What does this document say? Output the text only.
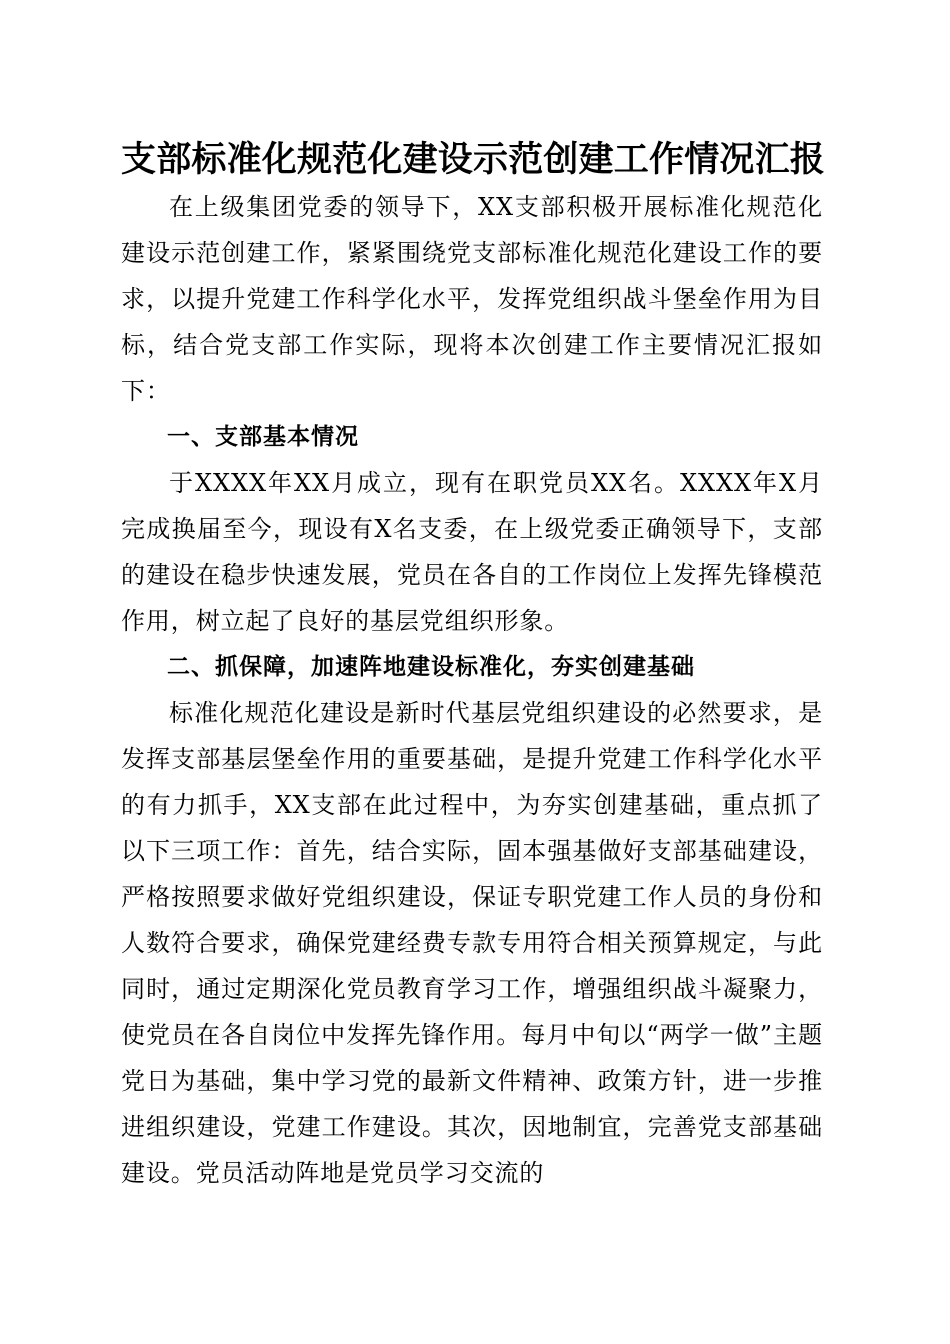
支部标准化规范化建设示范创建工作情况汇报

在上级集团党委的领导下，XX支部积极开展标准化规范化建设示范创建工作，紧紧围绕党支部标准化规范化建设工作的要求，以提升党建工作科学化水平，发挥党组织战斗堡垒作用为目标，结合党支部工作实际，现将本次创建工作主要情况汇报如下：

一、支部基本情况

于XXXX年XX月成立，现有在职党员XX名。XXXX年X月完成换届至今，现设有X名支委，在上级党委正确领导下，支部的建设在稳步快速发展，党员在各自的工作岗位上发挥先锋模范作用，树立起了良好的基层党组织形象。

二、抓保障，加速阵地建设标准化，夯实创建基础

标准化规范化建设是新时代基层党组织建设的必然要求，是发挥支部基层堡垒作用的重要基础，是提升党建工作科学化水平的有力抓手，XX支部在此过程中，为夯实创建基础，重点抓了以下三项工作：首先，结合实际，固本强基做好支部基础建设，严格按照要求做好党组织建设，保证专职党建工作人员的身份和人数符合要求，确保党建经费专款专用符合相关预算规定，与此同时，通过定期深化党员教育学习工作，增强组织战斗凝聚力，使党员在各自岗位中发挥先锋作用。每月中旬以“两学一做”主题党日为基础，集中学习党的最新文件精神、政策方针，进一步推进组织建设，党建工作建设。其次，因地制宜，完善党支部基础建设。党员活动阵地是党员学习交流的
